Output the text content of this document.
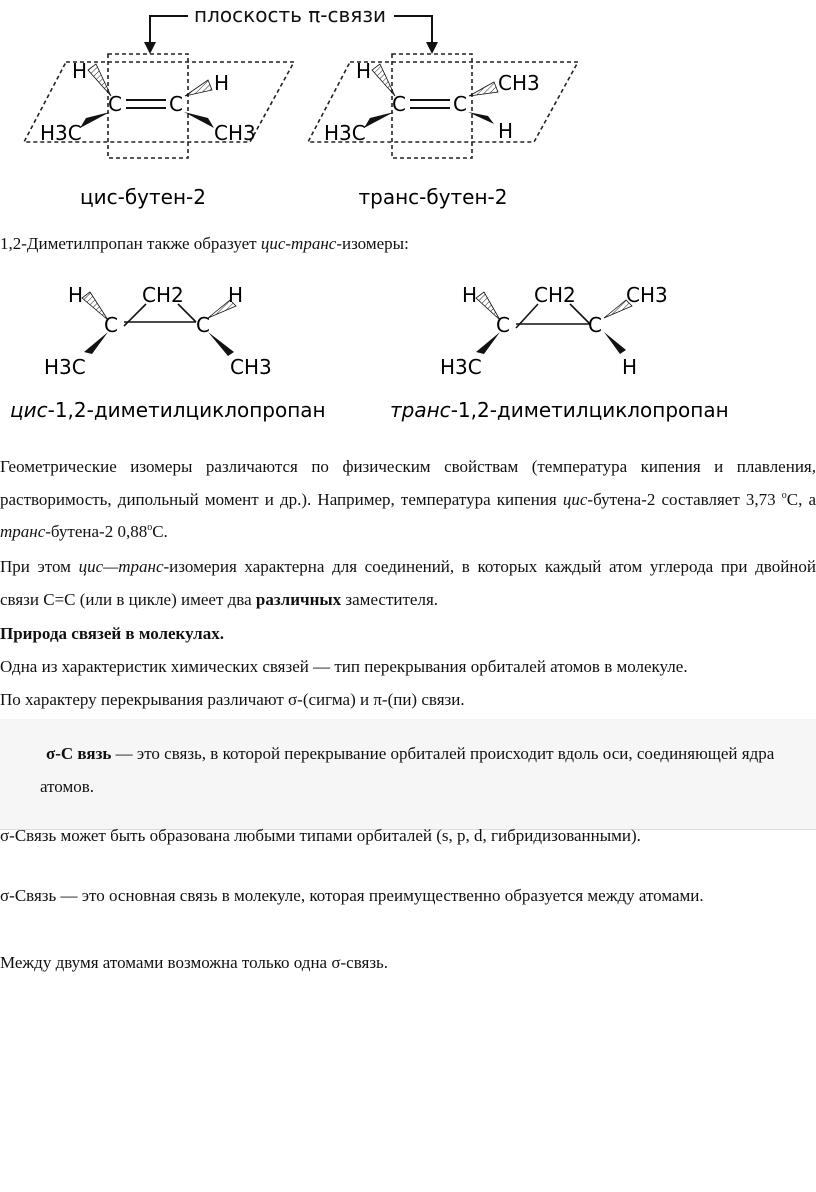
плоскость π-связи
H
C C
H
H3C	CH3
H
C C
CH3
H3C	H
цис-бутен-2	транс-бутен-2
1,2-Диметилпропан также образует цис-транс-изомеры:
H	CH2 H
C	C
H3C	CH3
H	CH2	CH3
C	C
H3C	H
цис-1,2-диметилциклопропан	транс-1,2-диметилциклопропан
Геометрические изомеры различаются по физическим свойствам (температура кипения и плавления, растворимость, дипольный момент и др.). Например, температура кипения цис-бутена-2 составляет 3,73 $^o$С, а транс-бутена-2 0,88$^o$С.
При этом цис—транс-изомерия характерна для соединений, в которых каждый атом углерода при двойной связи С=С (или в цикле) имеет два различных заместителя.
Природа связей в молекулах.
Одна из характеристик химических связей — тип перекрывания орбиталей атомов в молекуле.
По характеру перекрывания различают σ-(сигма) и π-(пи) связи.
σ-С вязь — это связь, в которой перекрывание орбиталей происходит вдоль оси, соединяющей ядра атомов.
σ-Связь может быть образована любыми типами орбиталей (s, p, d, гибридизованными).
σ-Связь — это основная связь в молекуле, которая преимущественно образуется между атомами.
Между двумя атомами возможна только одна σ-связь.
